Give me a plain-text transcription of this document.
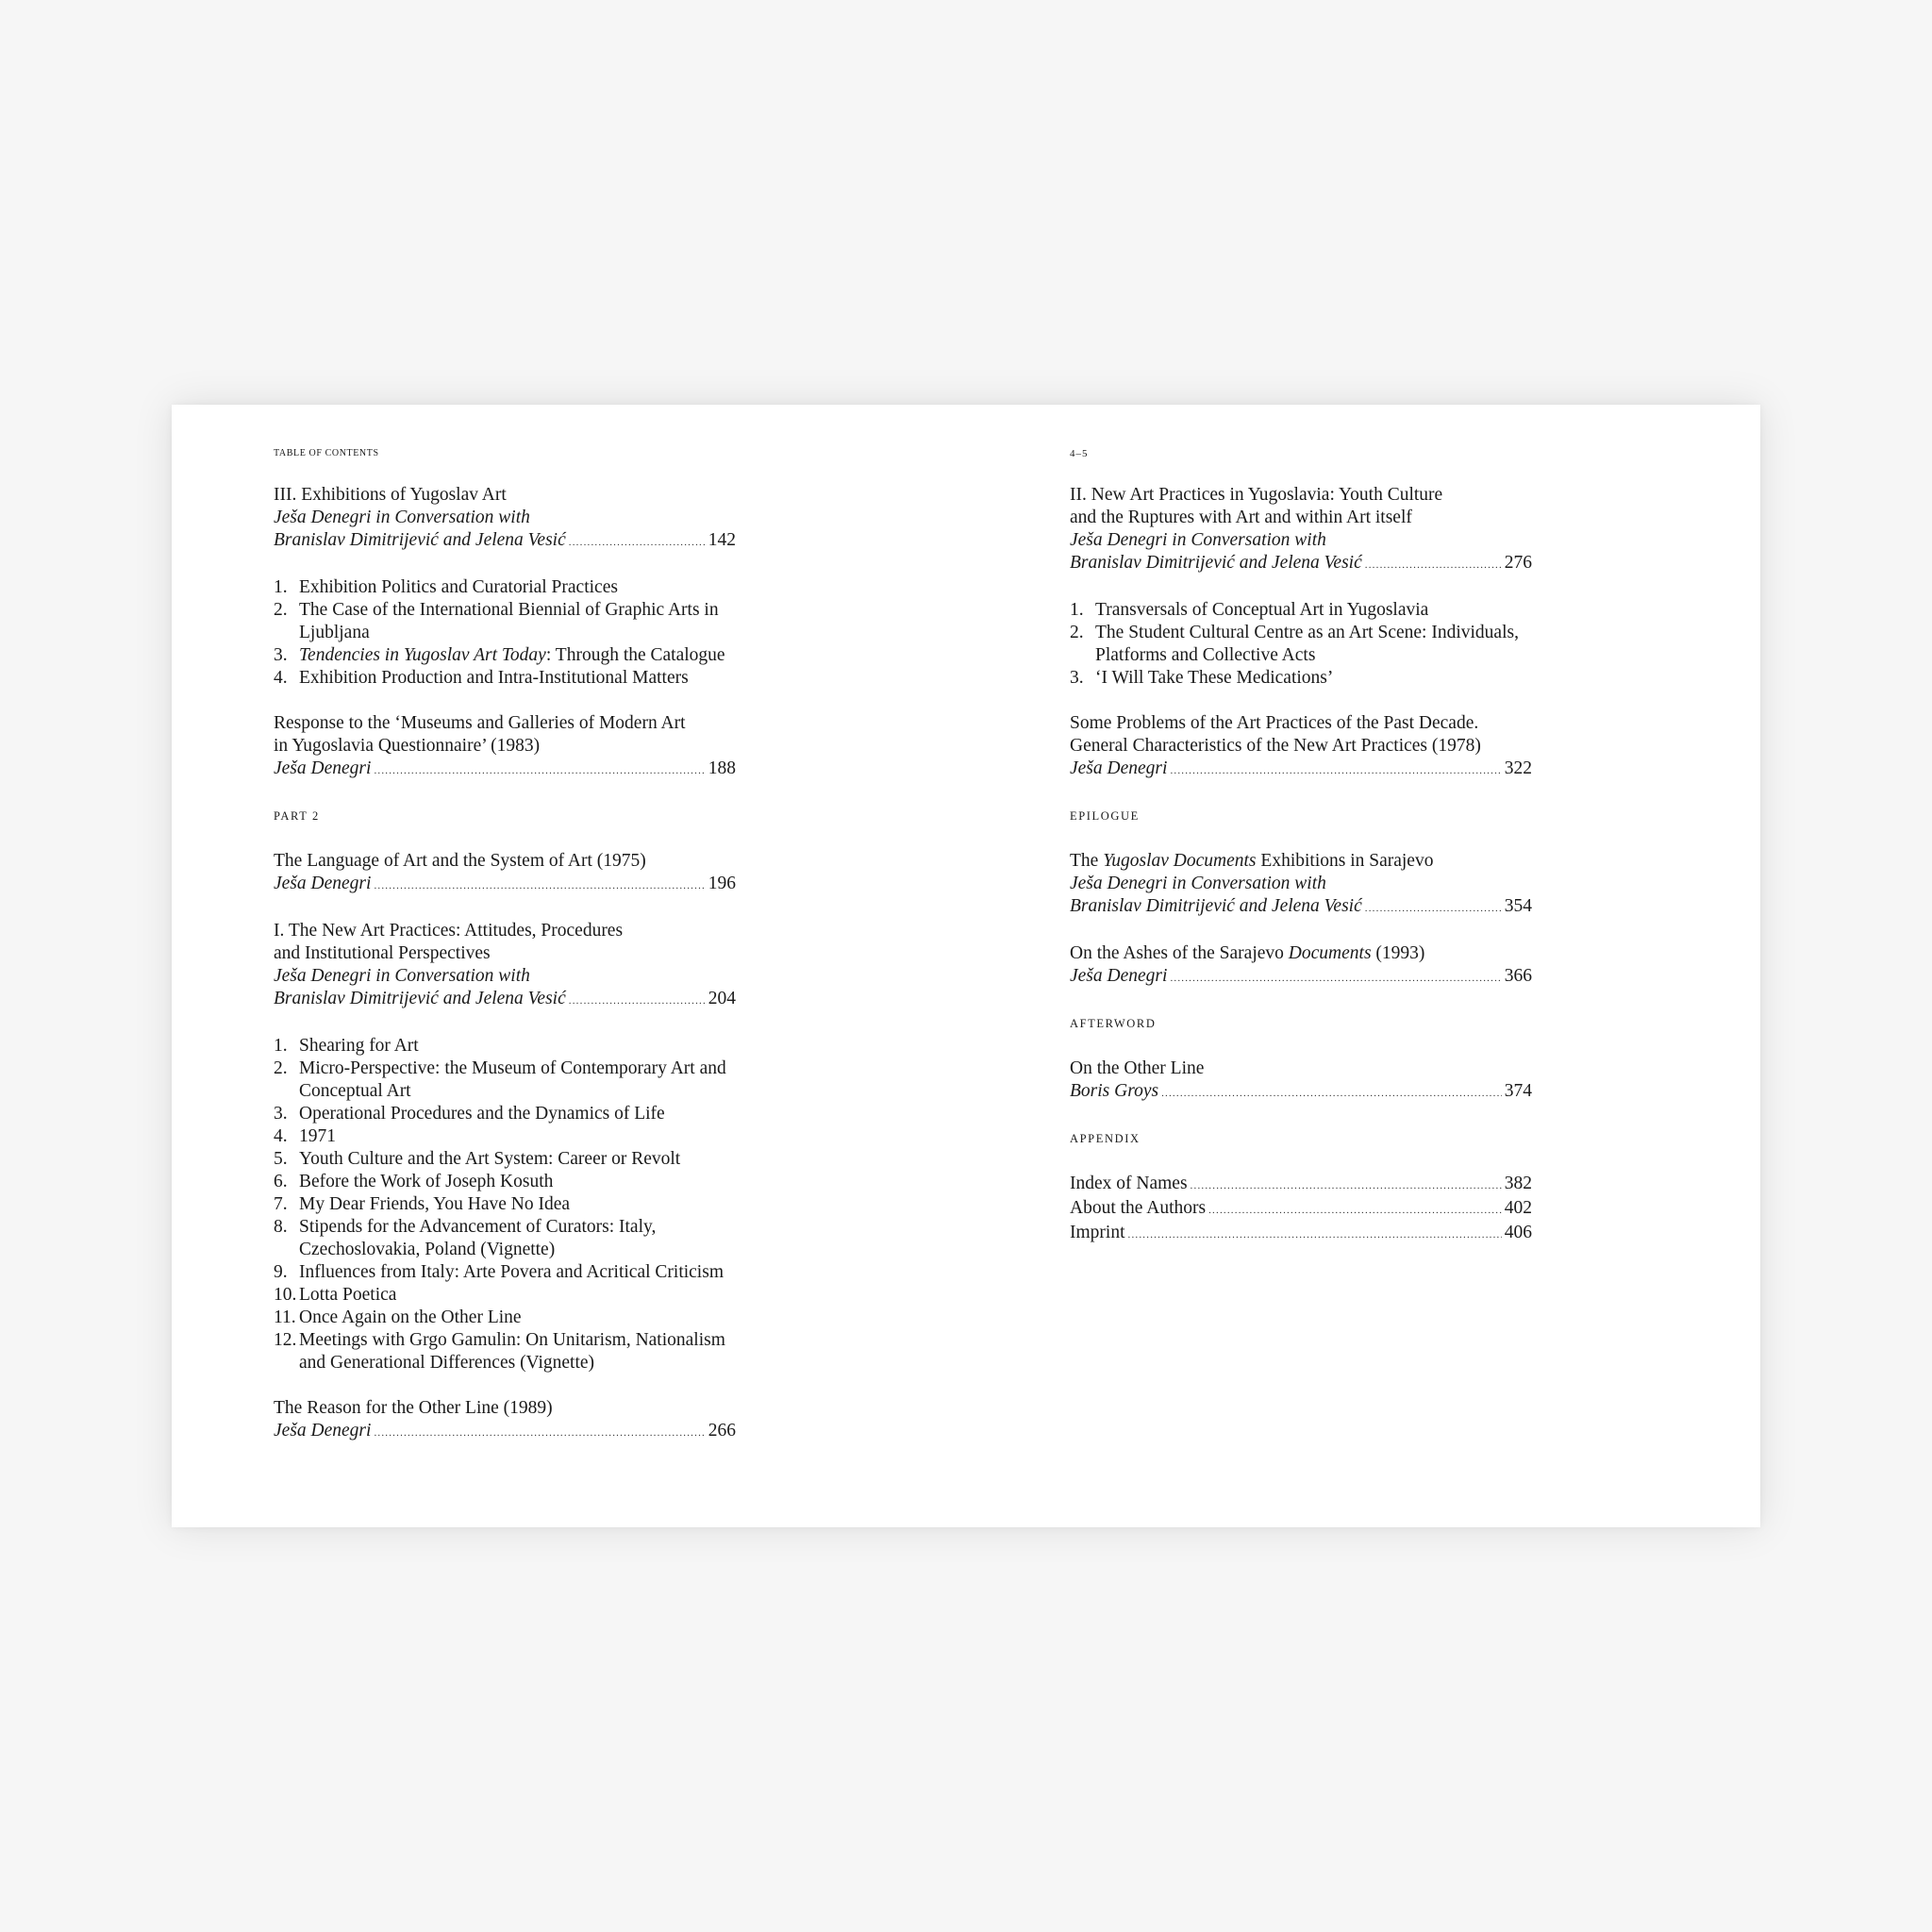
TABLE OF CONTENTS
III. Exhibitions of Yugoslav Art
Ješa Denegri in Conversation with
Branislav Dimitrijević and Jelena Vesić .....	142
1. Exhibition Politics and Curatorial Practices
2. The Case of the International Biennial of Graphic Arts in Ljubljana
3. Tendencies in Yugoslav Art Today: Through the Catalogue
4. Exhibition Production and Intra-Institutional Matters
Response to the ‘Museums and Galleries of Modern Art
in Yugoslavia Questionnaire’ (1983)
Ješa Denegri .....	188
PART 2
The Language of Art and the System of Art (1975)
Ješa Denegri .....	196
I. The New Art Practices: Attitudes, Procedures
and Institutional Perspectives
Ješa Denegri in Conversation with
Branislav Dimitrijević and Jelena Vesić .....	204
1. Shearing for Art
2. Micro-Perspective: the Museum of Contemporary Art and Conceptual Art
3. Operational Procedures and the Dynamics of Life
4. 1971
5. Youth Culture and the Art System: Career or Revolt
6. Before the Work of Joseph Kosuth
7. My Dear Friends, You Have No Idea
8. Stipends for the Advancement of Curators: Italy, Czechoslovakia, Poland (Vignette)
9. Influences from Italy: Arte Povera and Acritical Criticism
10. Lotta Poetica
11. Once Again on the Other Line
12. Meetings with Grgo Gamulin: On Unitarism, Nationalism and Generational Differences (Vignette)
The Reason for the Other Line (1989)
Ješa Denegri .....	266
4–5
II. New Art Practices in Yugoslavia: Youth Culture
and the Ruptures with Art and within Art itself
Ješa Denegri in Conversation with
Branislav Dimitrijević and Jelena Vesić .....	276
1. Transversals of Conceptual Art in Yugoslavia
2. The Student Cultural Centre as an Art Scene: Individuals, Platforms and Collective Acts
3. ‘I Will Take These Medications’
Some Problems of the Art Practices of the Past Decade.
General Characteristics of the New Art Practices (1978)
Ješa Denegri .....	322
EPILOGUE
The Yugoslav Documents Exhibitions in Sarajevo
Ješa Denegri in Conversation with
Branislav Dimitrijević and Jelena Vesić .....	354
On the Ashes of the Sarajevo Documents (1993)
Ješa Denegri .....	366
AFTERWORD
On the Other Line
Boris Groys .....	374
APPENDIX
Index of Names .....	382
About the Authors .....	402
Imprint .....	406
